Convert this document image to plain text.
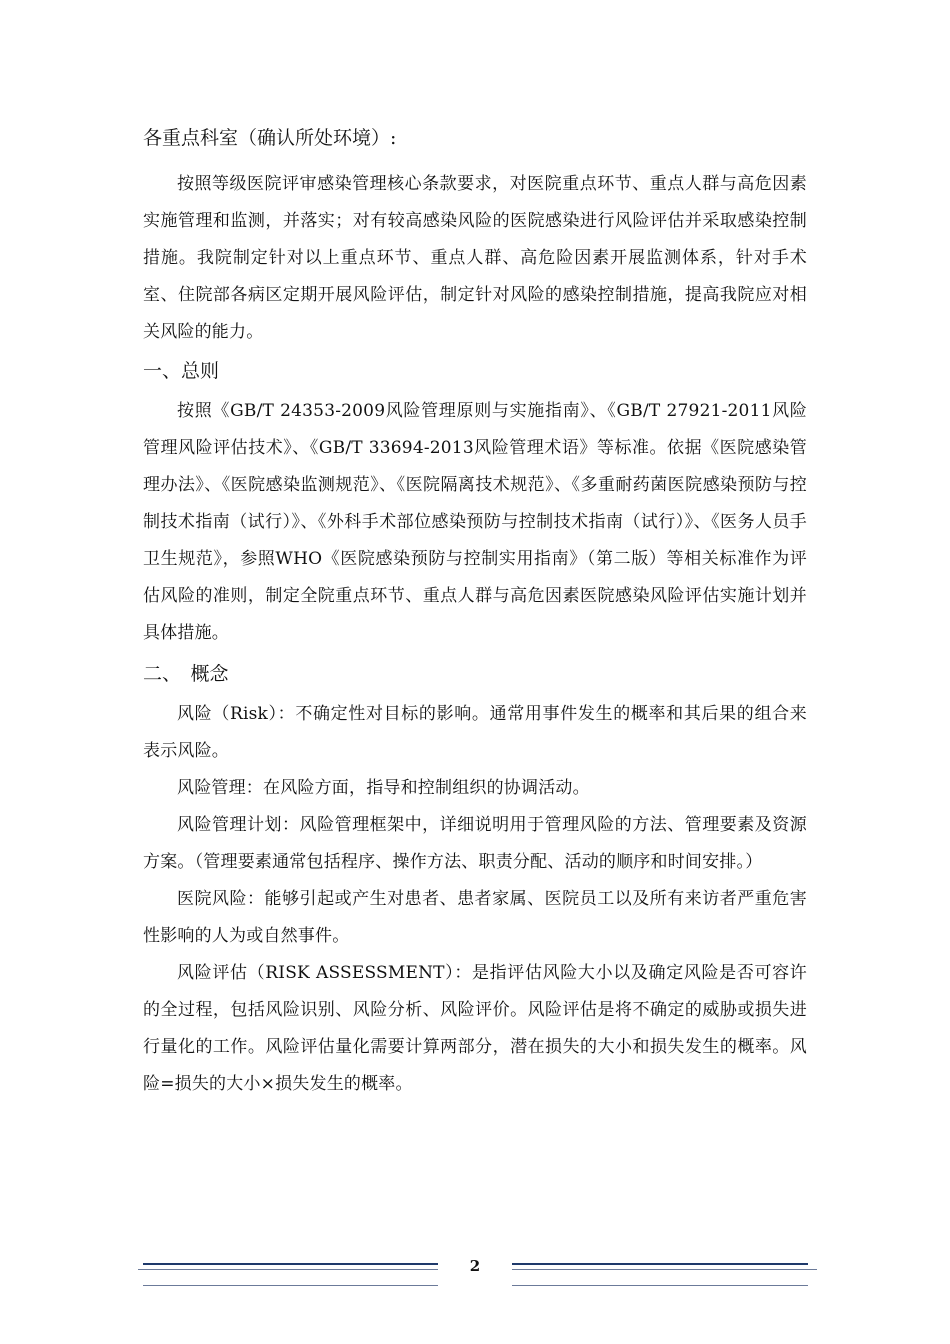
各重点科室（确认所处环境）:

按照等级医院评审感染管理核心条款要求，对医院重点环节、重点人群与高危因素实施管理和监测，并落实；对有较高感染风险的医院感染进行风险评估并采取感染控制措施。我院制定针对以上重点环节、重点人群、高危险因素开展监测体系，针对手术室、住院部各病区定期开展风险评估，制定针对风险的感染控制措施，提高我院应对相关风险的能力。

一、总则

按照《GB/T 24353-2009风险管理原则与实施指南》、《GB/T 27921-2011风险管理风险评估技术》、《GB/T 33694-2013风险管理术语》等标准。依据《医院感染管理办法》、《医院感染监测规范》、《医院隔离技术规范》、《多重耐药菌医院感染预防与控制技术指南（试行）》、《外科手术部位感染预防与控制技术指南（试行）》、《医务人员手卫生规范》，参照WHO《医院感染预防与控制实用指南》（第二版）等相关标准作为评估风险的准则，制定全院重点环节、重点人群与高危因素医院感染风险评估实施计划并具体措施。

二、　概念

风险（Risk）：不确定性对目标的影响。通常用事件发生的概率和其后果的组合来表示风险。

风险管理：在风险方面，指导和控制组织的协调活动。

风险管理计划：风险管理框架中，详细说明用于管理风险的方法、管理要素及资源方案。（管理要素通常包括程序、操作方法、职责分配、活动的顺序和时间安排。）

医院风险：能够引起或产生对患者、患者家属、医院员工以及所有来访者严重危害性影响的人为或自然事件。

风险评估（RISK ASSESSMENT）：是指评估风险大小以及确定风险是否可容许的全过程，包括风险识别、风险分析、风险评价。风险评估是将不确定的威胁或损失进行量化的工作。风险评估量化需要计算两部分，潜在损失的大小和损失发生的概率。风险=损失的大小×损失发生的概率。

2
